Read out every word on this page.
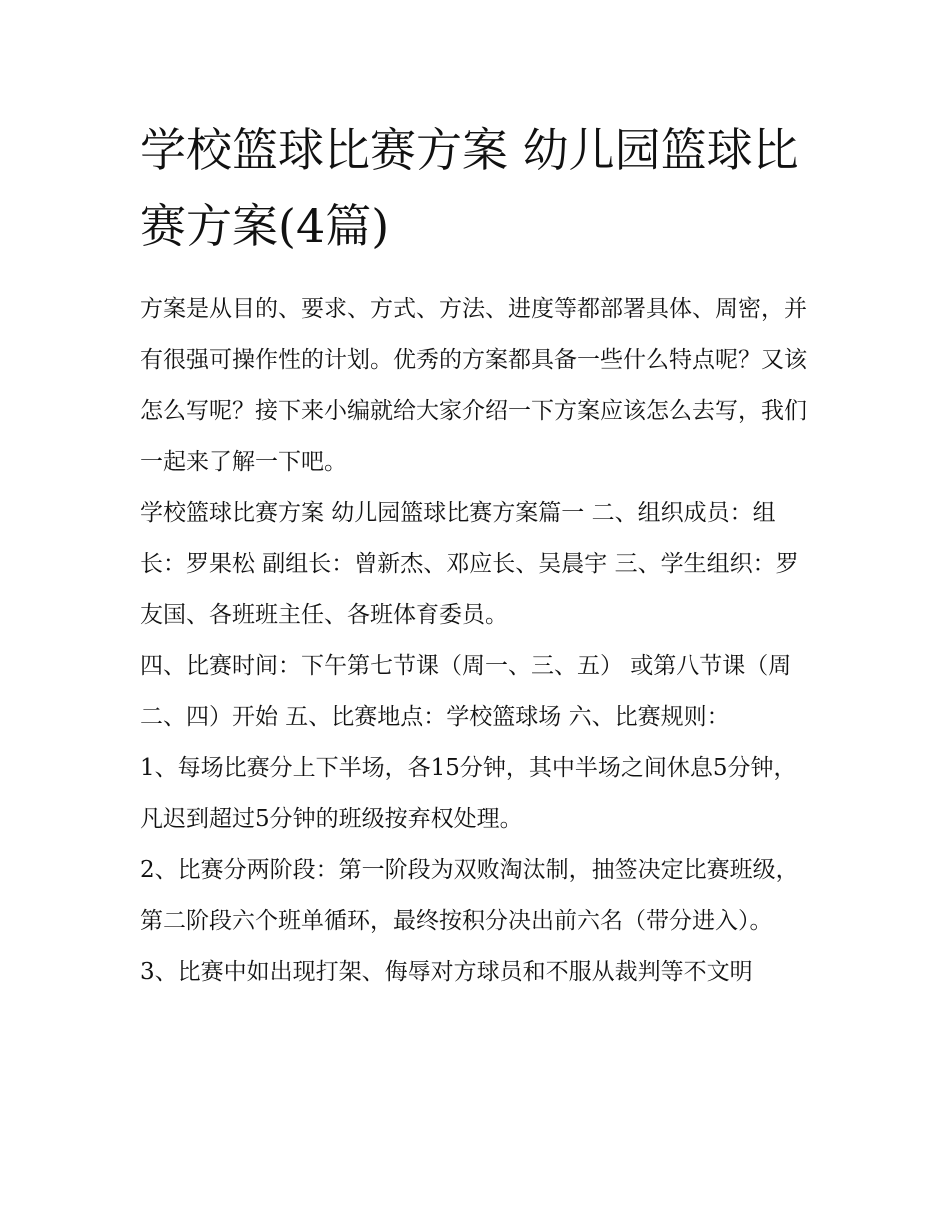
学校篮球比赛方案 幼儿园篮球比赛方案(4篇)

方案是从目的、要求、方式、方法、进度等都部署具体、周密，并有很强可操作性的计划。优秀的方案都具备一些什么特点呢？又该怎么写呢？接下来小编就给大家介绍一下方案应该怎么去写，我们一起来了解一下吧。

学校篮球比赛方案 幼儿园篮球比赛方案篇一 二、组织成员：组长：罗果松 副组长：曾新杰、邓应长、吴晨宇 三、学生组织：罗友国、各班班主任、各班体育委员。

四、比赛时间：下午第七节课（周一、三、五） 或第八节课（周二、四）开始 五、比赛地点：学校篮球场 六、比赛规则：

1、每场比赛分上下半场，各15分钟，其中半场之间休息5分钟，凡迟到超过5分钟的班级按弃权处理。

2、比赛分两阶段：第一阶段为双败淘汰制，抽签决定比赛班级，第二阶段六个班单循环，最终按积分决出前六名（带分进入）。

3、比赛中如出现打架、侮辱对方球员和不服从裁判等不文明
